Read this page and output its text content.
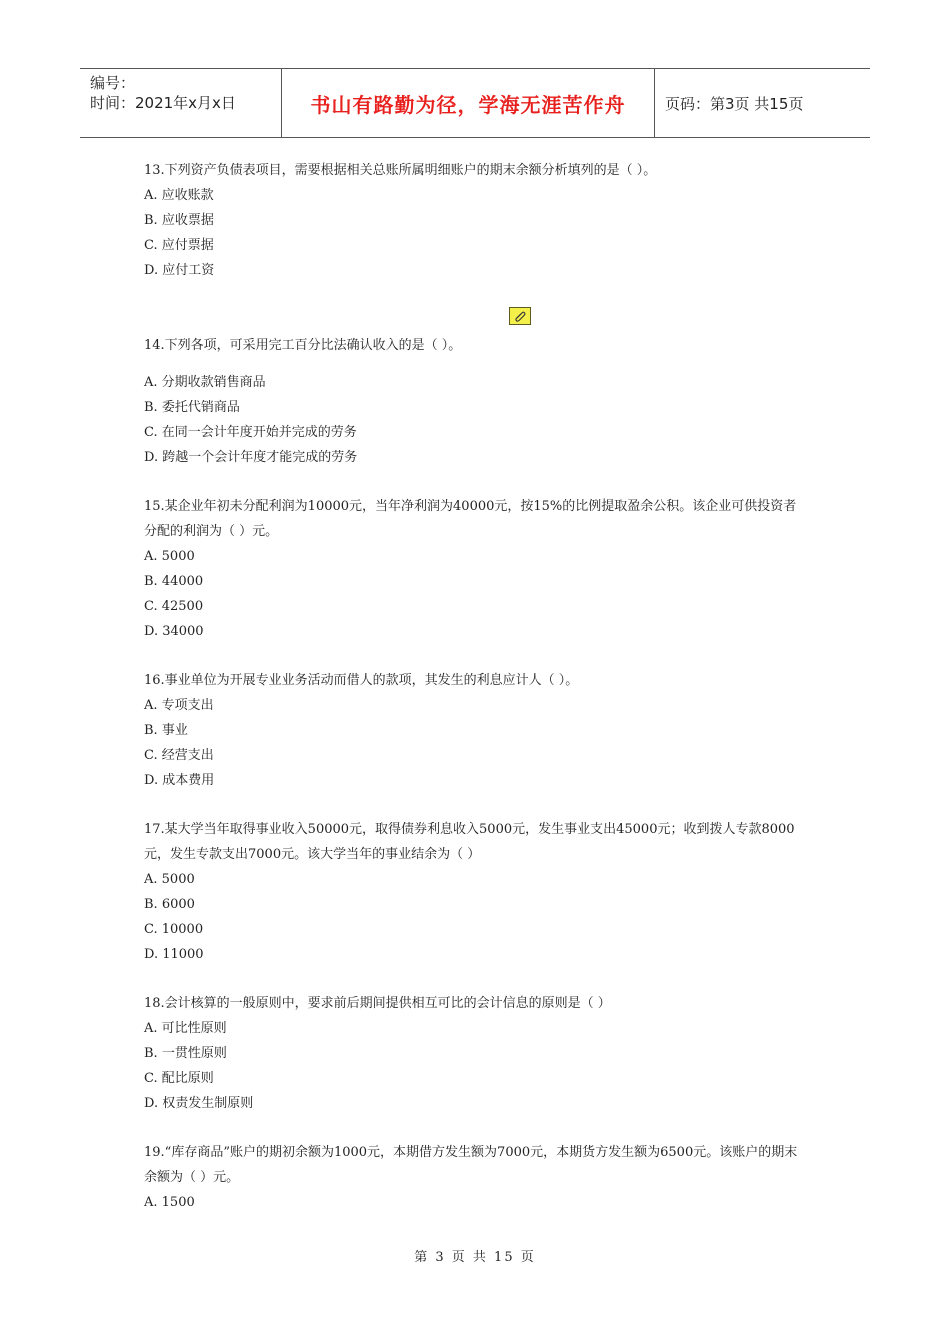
编号：
时间：2021年x月x日	书山有路勤为径，学海无涯苦作舟	页码：第3页 共15页
13.下列资产负债表项目，需要根据相关总账所属明细账户的期末余额分析填列的是（ ）。
A. 应收账款
B. 应收票据
C. 应付票据
D. 应付工资
14.下列各项，可采用完工百分比法确认收入的是（ ）。
A. 分期收款销售商品
B. 委托代销商品
C. 在同一会计年度开始并完成的劳务
D. 跨越一个会计年度才能完成的劳务
15.某企业年初未分配利润为10000元，当年净利润为40000元，按15%的比例提取盈余公积。该企业可供投资者分配的利润为（ ）元。
A. 5000
B. 44000
C. 42500
D. 34000
16.事业单位为开展专业业务活动而借人的款项，其发生的利息应计人（ ）。
A. 专项支出
B. 事业
C. 经营支出
D. 成本费用
17.某大学当年取得事业收入50000元，取得债券利息收入5000元，发生事业支出45000元；收到拨人专款8000元，发生专款支出7000元。该大学当年的事业结余为（ ）
A. 5000
B. 6000
C. 10000
D. 11000
18.会计核算的一般原则中，要求前后期间提供相互可比的会计信息的原则是（ ）
A. 可比性原则
B. 一贯性原则
C. 配比原则
D. 权责发生制原则
19.“库存商品”账户的期初余额为1000元，本期借方发生额为7000元，本期货方发生额为6500元。该账户的期末余额为（ ）元。
A. 1500
第 3 页 共 15 页
